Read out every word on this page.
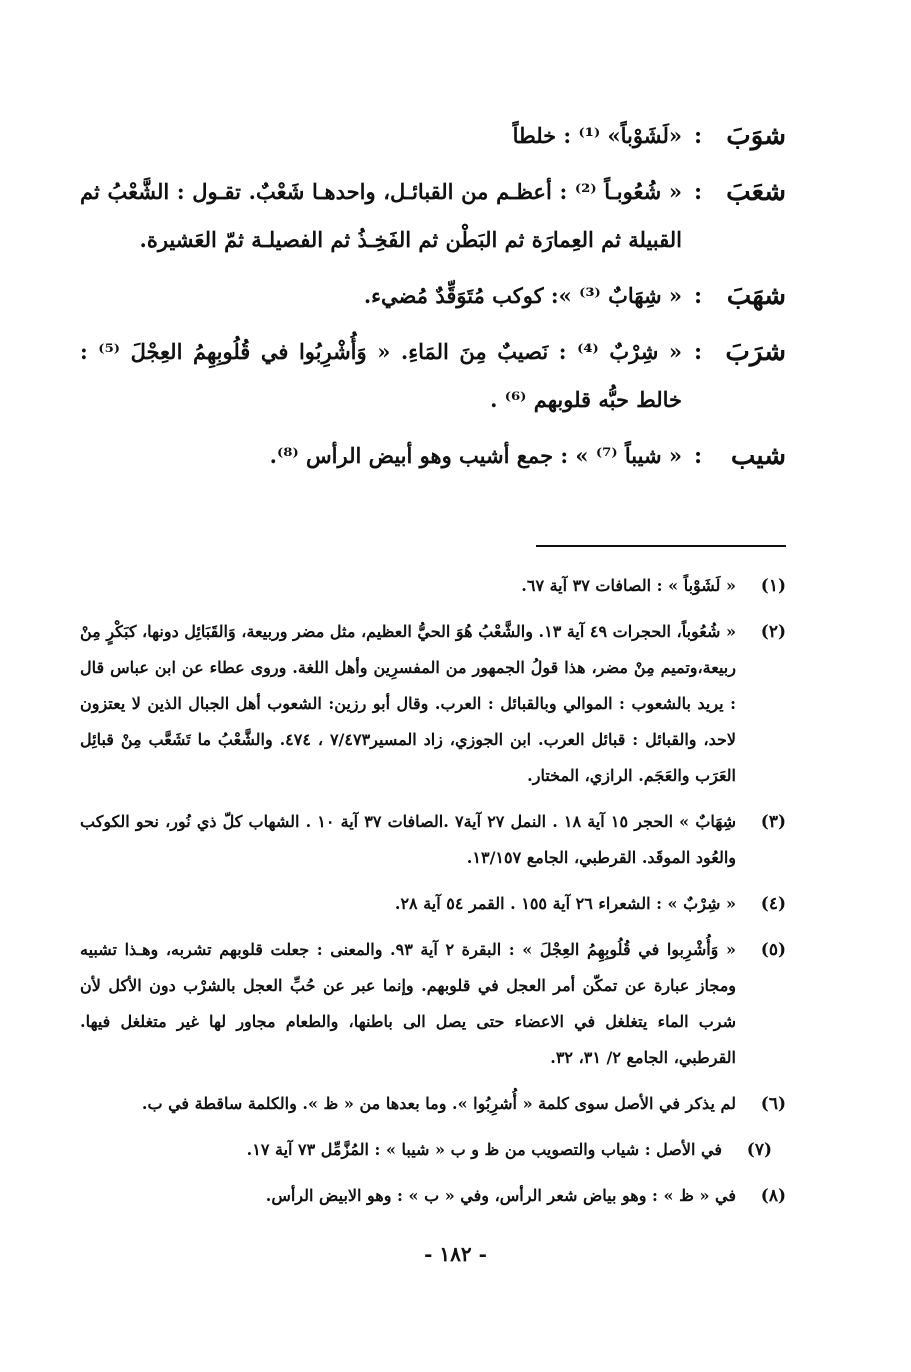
شوَبَ
:
«لَشَوْباً» ⁽¹⁾ : خلطاً
شعَبَ
:
« شُعُوبـاً ⁽²⁾ : أعظـم من القبائـل، واحدهـا شَعْبٌ. تقـول : الشَّعْبُ ثم القبيلة ثم العِمارَة ثم البَطْن ثم الفَخِـذُ ثم الفصيلـة ثمّ العَشيرة.
شهَبَ
:
« شِهَابٌ ⁽³⁾ »: كوكب مُتَوَقِّدٌ مُضيء.
شرَبَ
:
« شِرْبٌ ⁽⁴⁾ : نَصيبٌ مِنَ المَاءِ. « وَأُشْرِبُوا في قُلُوبِهِمُ العِجْلَ ⁽⁵⁾ : خالط حبُّه قلوبهم ⁽⁶⁾ .
شيب
:
« شيباً ⁽⁷⁾ » : جمع أشيب وهو أبيض الرأس ⁽⁸⁾.
(١)
« لَشَوْباً » : الصافات ٣٧ آية ٦٧.
(٢)
« شُعُوباً، الحجرات ٤٩ آية ١٣. والشَّعْبُ هُوَ الحيُّ العظيم، مثل مضر وربيعة، وَالقَبَائِل دونها، كبَكْرٍ مِنْ ربيعة،وتميم مِنْ مضر، هذا قولُ الجمهور من المفسرِين وأهل اللغة. وروى عطاء عن ابن عباس قال : يريد بالشعوب : الموالي وبالقبائل : العرب. وقال أبو رزين: الشعوب أهل الجبال الذين لا يعتزون لاحد، والقبائل : قبائل العرب. ابن الجوزي، زاد المسير٧/٤٧٣ ، ٤٧٤. والشَّعْبُ ما تَشَعَّب مِنْ قبائِل العَرَب والعَجَم. الرازي، المختار.
(٣)
شِهَابٌ » الحجر ١٥ آية ١٨ . النمل ٢٧ آية٧ .الصافات ٣٧ آية ١٠ . الشهاب كلّ ذي نُور، نحو الكوكب والعُود الموقَد. القرطبي، الجامع ١٣/١٥٧.
(٤)
« شِرْبٌ » : الشعراء ٢٦ آية ١٥٥ . القمر ٥٤ آية ٢٨.
(٥)
« وَأُشْرِبوا في قُلُوبِهِمُ العِجْلَ » : البقرة ٢ آية ٩٣. والمعنى : جعلت قلوبهم تشربه، وهـذا تشبيه ومجاز عبارة عن تمكّن أمر العجل في قلوبهم. وإنما عبر عن حُبِّ العجل بالشرْب دون الأكل لأن شرب الماء يتغلغل في الاعضاء حتى يصل الى باطنها، والطعام مجاور لها غير متغلغل فيها. القرطبي، الجامع ٢/ ٣١، ٣٢.
(٦)
لم يذكر في الأصل سوى كلمة « أُشرِبُوا ». وما بعدها من « ظ ». والكلمة ساقطة في ب.
(٧)
في الأصل : شياب والتصويب من ظ و ب « شيبا » : المُزَّمِّل ٧٣ آية ١٧.
(٨)
في « ظ » : وهو بياض شعر الرأس، وفي « ب » : وهو الابيض الرأس.
- ١٨٢ -
